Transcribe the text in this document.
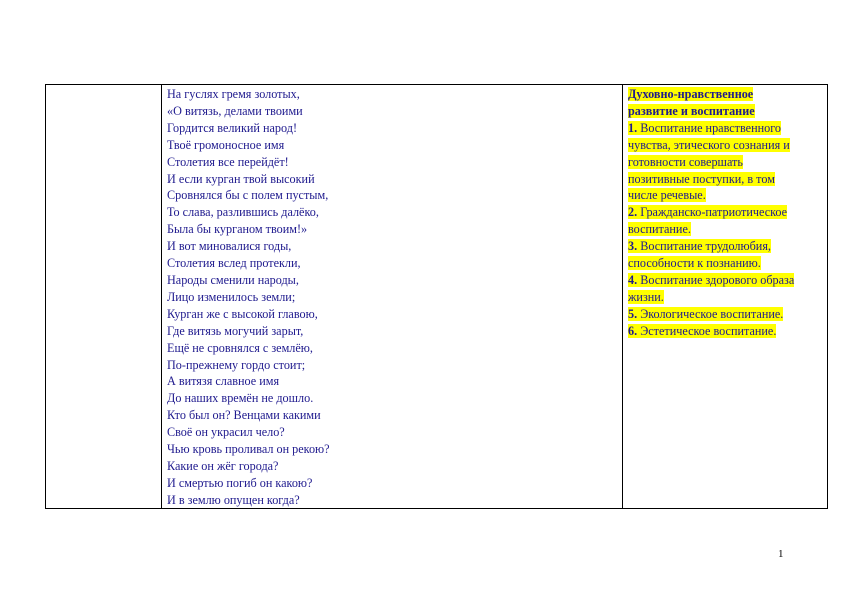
На гуслях гремя золотых,
«О витязь, делами твоими
Гордится великий народ!
Твоё громоносное имя
Столетия все перейдёт!
И если курган твой высокий
Сровнялся бы с полем пустым,
То слава, разлившись далёко,
Была бы курганом твоим!»
И вот миновалися годы,
Столетия вслед протекли,
Народы сменили народы,
Лицо изменилось земли;
Курган же с высокой главою,
Где витязь могучий зарыт,
Ещё не сровнялся с землёю,
По-прежнему гордо стоит;
А витязя славное имя
До наших времён не дошло.
Кто был он? Венцами какими
Своё он украсил чело?
Чью кровь проливал он рекою?
Какие он жёг города?
И смертью погиб он какою?
И в землю опущен когда?
Духовно-нравственное
развитие и воспитание
1. Воспитание нравственного
чувства, этического сознания и
готовности совершать
позитивные поступки, в том
числе речевые.
2. Гражданско-патриотическое
воспитание.
3. Воспитание трудолюбия,
способности к познанию.
4. Воспитание здорового образа
жизни.
5. Экологическое воспитание.
6. Эстетическое воспитание.
1
